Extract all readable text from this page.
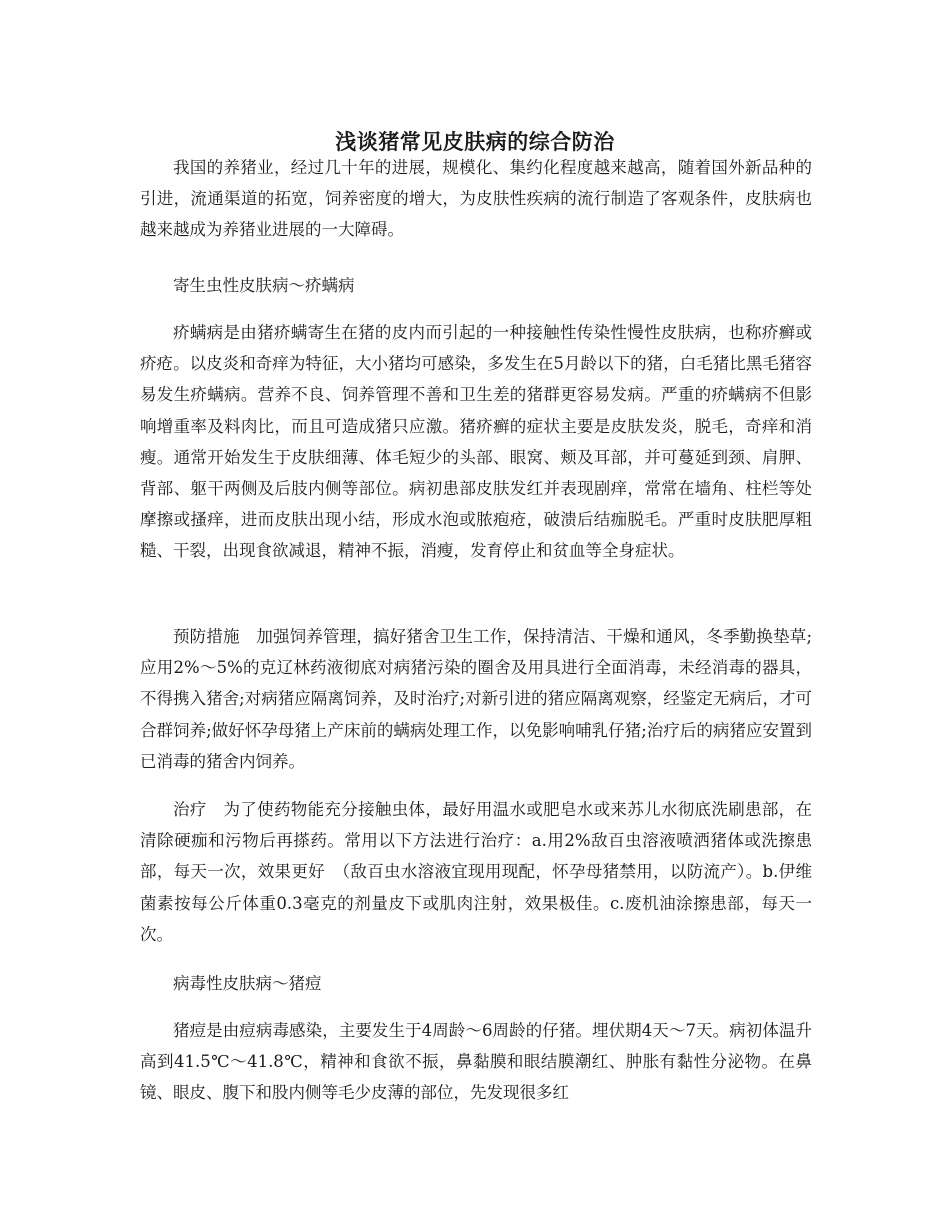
浅谈猪常见皮肤病的综合防治

我国的养猪业，经过几十年的进展，规模化、集约化程度越来越高，随着国外新品种的引进，流通渠道的拓宽，饲养密度的增大，为皮肤性疾病的流行制造了客观条件，皮肤病也越来越成为养猪业进展的一大障碍。

寄生虫性皮肤病～疥螨病

疥螨病是由猪疥螨寄生在猪的皮内而引起的一种接触性传染性慢性皮肤病，也称疥癣或疥疮。以皮炎和奇痒为特征，大小猪均可感染，多发生在5月龄以下的猪，白毛猪比黑毛猪容易发生疥螨病。营养不良、饲养管理不善和卫生差的猪群更容易发病。严重的疥螨病不但影响增重率及料肉比，而且可造成猪只应激。猪疥癣的症状主要是皮肤发炎，脱毛，奇痒和消瘦。通常开始发生于皮肤细薄、体毛短少的头部、眼窝、颊及耳部，并可蔓延到颈、肩胛、背部、躯干两侧及后肢内侧等部位。病初患部皮肤发红并表现剧痒，常常在墙角、柱栏等处摩擦或搔痒，进而皮肤出现小结，形成水泡或脓疱疮，破溃后结痂脱毛。严重时皮肤肥厚粗糙、干裂，出现食欲减退，精神不振，消瘦，发育停止和贫血等全身症状。

预防措施　加强饲养管理，搞好猪舍卫生工作，保持清洁、干燥和通风，冬季勤换垫草;应用2%～5%的克辽林药液彻底对病猪污染的圈舍及用具进行全面消毒，未经消毒的器具，不得携入猪舍;对病猪应隔离饲养，及时治疗;对新引进的猪应隔离观察，经鉴定无病后，才可合群饲养;做好怀孕母猪上产床前的螨病处理工作，以免影响哺乳仔猪;治疗后的病猪应安置到已消毒的猪舍内饲养。

治疗　为了使药物能充分接触虫体，最好用温水或肥皂水或来苏儿水彻底洗刷患部，在清除硬痂和污物后再搽药。常用以下方法进行治疗：a.用2%敌百虫溶液喷洒猪体或洗擦患部，每天一次，效果更好　（敌百虫水溶液宜现用现配，怀孕母猪禁用，以防流产）。b.伊维菌素按每公斤体重0.3毫克的剂量皮下或肌肉注射，效果极佳。c.废机油涂擦患部，每天一次。

病毒性皮肤病～猪痘

猪痘是由痘病毒感染，主要发生于4周龄～6周龄的仔猪。埋伏期4天～7天。病初体温升高到41.5℃～41.8℃，精神和食欲不振，鼻黏膜和眼结膜潮红、肿胀有黏性分泌物。在鼻镜、眼皮、腹下和股内侧等毛少皮薄的部位，先发现很多红
